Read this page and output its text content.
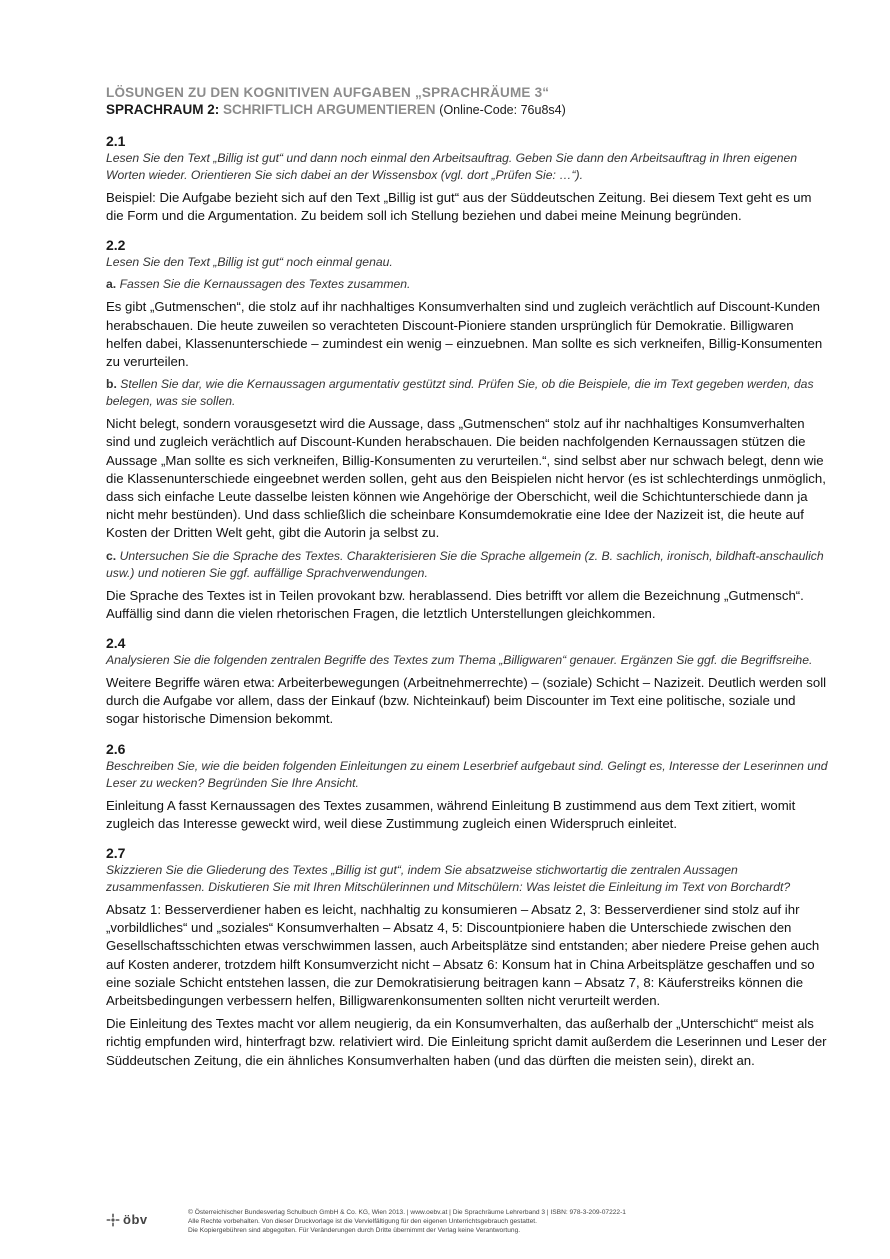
LÖSUNGEN ZU DEN KOGNITIVEN AUFGABEN „SPRACHRÄUME 3“
SPRACHRAUM 2: SCHRIFTLICH ARGUMENTIEREN (Online-Code: 76u8s4)

2.1

Lesen Sie den Text „Billig ist gut“ und dann noch einmal den Arbeitsauftrag. Geben Sie dann den Arbeitsauftrag in Ihren eigenen Worten wieder. Orientieren Sie sich dabei an der Wissensbox (vgl. dort „Prüfen Sie: …“).

Beispiel: Die Aufgabe bezieht sich auf den Text „Billig ist gut“ aus der Süddeutschen Zeitung. Bei diesem Text geht es um die Form und die Argumentation. Zu beidem soll ich Stellung beziehen und dabei meine Meinung begründen.

2.2

Lesen Sie den Text „Billig ist gut“ noch einmal genau.

a. Fassen Sie die Kernaussagen des Textes zusammen.

Es gibt „Gutmenschen“, die stolz auf ihr nachhaltiges Konsumverhalten sind und zugleich verächtlich auf Discount-Kunden herabschauen. Die heute zuweilen so verachteten Discount-Pioniere standen ursprünglich für Demokratie. Billigwaren helfen dabei, Klassenunterschiede – zumindest ein wenig – einzuebnen. Man sollte es sich verkneifen, Billig-Konsumenten zu verurteilen.

b. Stellen Sie dar, wie die Kernaussagen argumentativ gestützt sind. Prüfen Sie, ob die Beispiele, die im Text gegeben werden, das belegen, was sie sollen.

Nicht belegt, sondern vorausgesetzt wird die Aussage, dass „Gutmenschen“ stolz auf ihr nachhaltiges Konsumverhalten sind und zugleich verächtlich auf Discount-Kunden herabschauen. Die beiden nachfolgenden Kernaussagen stützen die Aussage „Man sollte es sich verkneifen, Billig-Konsumenten zu verurteilen.“, sind selbst aber nur schwach belegt, denn wie die Klassenunterschiede eingeebnet werden sollen, geht aus den Beispielen nicht hervor (es ist schlechterdings unmöglich, dass sich einfache Leute dasselbe leisten können wie Angehörige der Oberschicht, weil die Schichtunterschiede dann ja nicht mehr bestünden). Und dass schließlich die scheinbare Konsumdemokratie eine Idee der Nazizeit ist, die heute auf Kosten der Dritten Welt geht, gibt die Autorin ja selbst zu.

c. Untersuchen Sie die Sprache des Textes. Charakterisieren Sie die Sprache allgemein (z. B. sachlich, ironisch, bildhaft-anschaulich usw.) und notieren Sie ggf. auffällige Sprachverwendungen.

Die Sprache des Textes ist in Teilen provokant bzw. herablassend. Dies betrifft vor allem die Bezeichnung „Gutmensch“. Auffällig sind dann die vielen rhetorischen Fragen, die letztlich Unterstellungen gleichkommen.

2.4

Analysieren Sie die folgenden zentralen Begriffe des Textes zum Thema „Billigwaren“ genauer. Ergänzen Sie ggf. die Begriffsreihe.

Weitere Begriffe wären etwa: Arbeiterbewegungen (Arbeitnehmerrechte) – (soziale) Schicht – Nazizeit. Deutlich werden soll durch die Aufgabe vor allem, dass der Einkauf (bzw. Nichteinkauf) beim Discounter im Text eine politische, soziale und sogar historische Dimension bekommt.

2.6

Beschreiben Sie, wie die beiden folgenden Einleitungen zu einem Leserbrief aufgebaut sind. Gelingt es, Interesse der Leserinnen und Leser zu wecken? Begründen Sie Ihre Ansicht.

Einleitung A fasst Kernaussagen des Textes zusammen, während Einleitung B zustimmend aus dem Text zitiert, womit zugleich das Interesse geweckt wird, weil diese Zustimmung zugleich einen Widerspruch einleitet.

2.7

Skizzieren Sie die Gliederung des Textes „Billig ist gut“, indem Sie absatzweise stichwortartig die zentralen Aussagen zusammenfassen. Diskutieren Sie mit Ihren Mitschülerinnen und Mitschülern: Was leistet die Einleitung im Text von Borchardt?

Absatz 1: Besserverdiener haben es leicht, nachhaltig zu konsumieren – Absatz 2, 3: Besserverdiener sind stolz auf ihr „vorbildliches“ und „soziales“ Konsumverhalten – Absatz 4, 5: Discountpioniere haben die Unterschiede zwischen den Gesellschaftsschichten etwas verschwimmen lassen, auch Arbeitsplätze sind entstanden; aber niedere Preise gehen auch auf Kosten anderer, trotzdem hilft Konsumverzicht nicht – Absatz 6: Konsum hat in China Arbeitsplätze geschaffen und so eine soziale Schicht entstehen lassen, die zur Demokratisierung beitragen kann – Absatz 7, 8: Käuferstreiks können die Arbeitsbedingungen verbessern helfen, Billigwarenkonsumenten sollten nicht verurteilt werden.

Die Einleitung des Textes macht vor allem neugierig, da ein Konsumverhalten, das außerhalb der „Unterschicht“ meist als richtig empfunden wird, hinterfragt bzw. relativiert wird. Die Einleitung spricht damit außerdem die Leserinnen und Leser der Süddeutschen Zeitung, die ein ähnliches Konsumverhalten haben (und das dürften die meisten sein), direkt an.

öbv	© Österreichischer Bundesverlag Schulbuch GmbH & Co. KG, Wien 2013. | www.oebv.at | Die Sprachräume Lehrerband 3 | ISBN: 978-3-209-07222-1
Alle Rechte vorbehalten. Von dieser Druckvorlage ist die Vervielfältigung für den eigenen Unterrichtsgebrauch gestattet.
Die Kopiergebühren sind abgegolten. Für Veränderungen durch Dritte übernimmt der Verlag keine Verantwortung.
